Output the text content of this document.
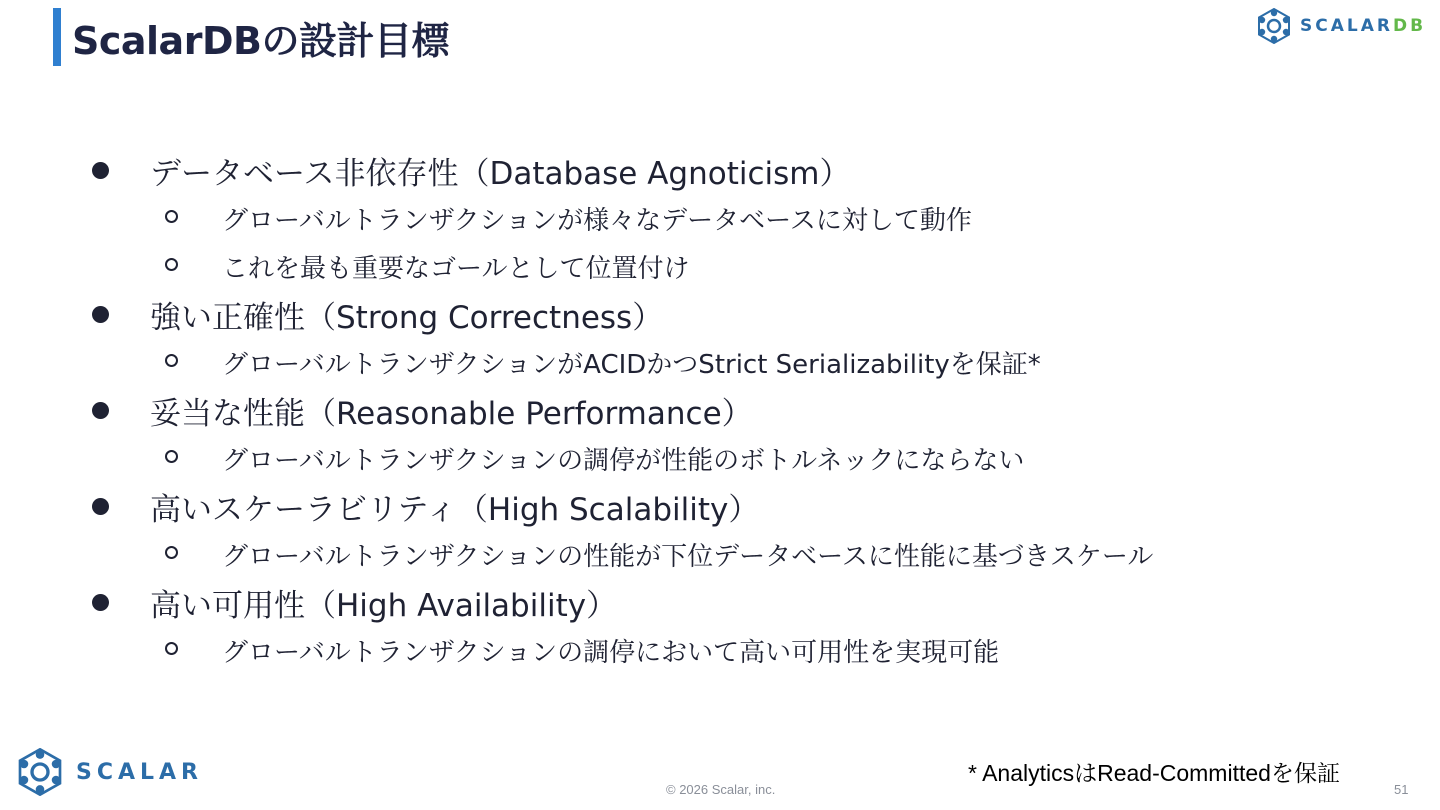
ScalarDBの設計目標	SCALARDB
データベース非依存性（Database Agnoticism）
グローバルトランザクションが様々なデータベースに対して動作
これを最も重要なゴールとして位置付け
強い正確性（Strong Correctness）
グローバルトランザクションがACIDかつStrict Serializabilityを保証*
妥当な性能（Reasonable Performance）
グローバルトランザクションの調停が性能のボトルネックにならない
高いスケーラビリティ（High Scalability）
グローバルトランザクションの性能が下位データベースに性能に基づきスケール
高い可用性（High Availability）
グローバルトランザクションの調停において高い可用性を実現可能
SCALAR	* AnalyticsはRead-Committedを保証
© 2026 Scalar, inc.	51
